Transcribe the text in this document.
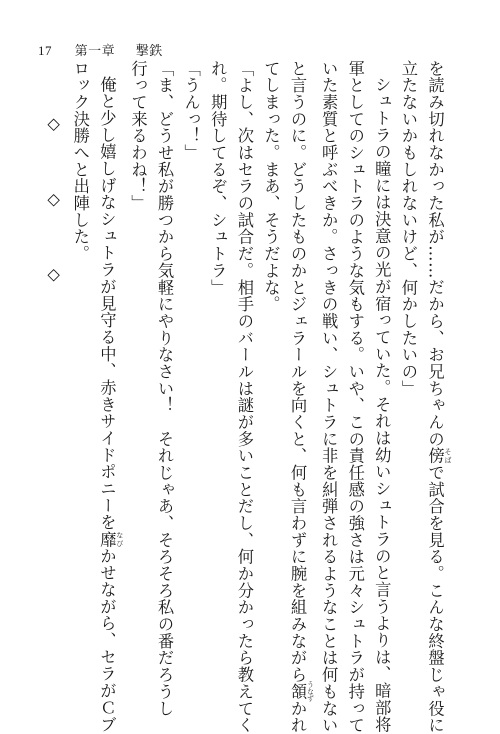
17 第一章 撃鉄
を読み切れなかった私が……だから、お兄ちゃんの傍 そばで試合を見る。こんな終盤じゃ役に
立たないかもしれないけど、何かしたいの」
シュトラの瞳には決意の光が宿っていた。それは幼いシュトラのと言うよりは、暗部将
軍としてのシュトラのような気もする。いや、この責任感の強さは元々シュトラが持って
いた素質と呼ぶべきか。さっきの戦い、シュトラに非を糾弾されるようなことは何もない
と言うのに。どうしたものかとジェラールを向くと、何も言わずに腕を組みながら頷 うなずかれ
てしまった。まあ、そうだよな。
「よし、次はセラの試合だ。相手のバールは謎が多いことだし、何か分かったら教えてく
れ。期待してるぞ、シュトラ」
「うんっ！」
「ま、どうせ私が勝つから気軽にやりなさい！　それじゃあ、そろそろ私の番だろうし
行って来るわね！」
俺と少し嬉しげなシュトラが見守る中、赤きサイドポニーを靡 なびかせながら、セラがＣブ
ロック決勝へと出陣した。
◇　◇　◇
